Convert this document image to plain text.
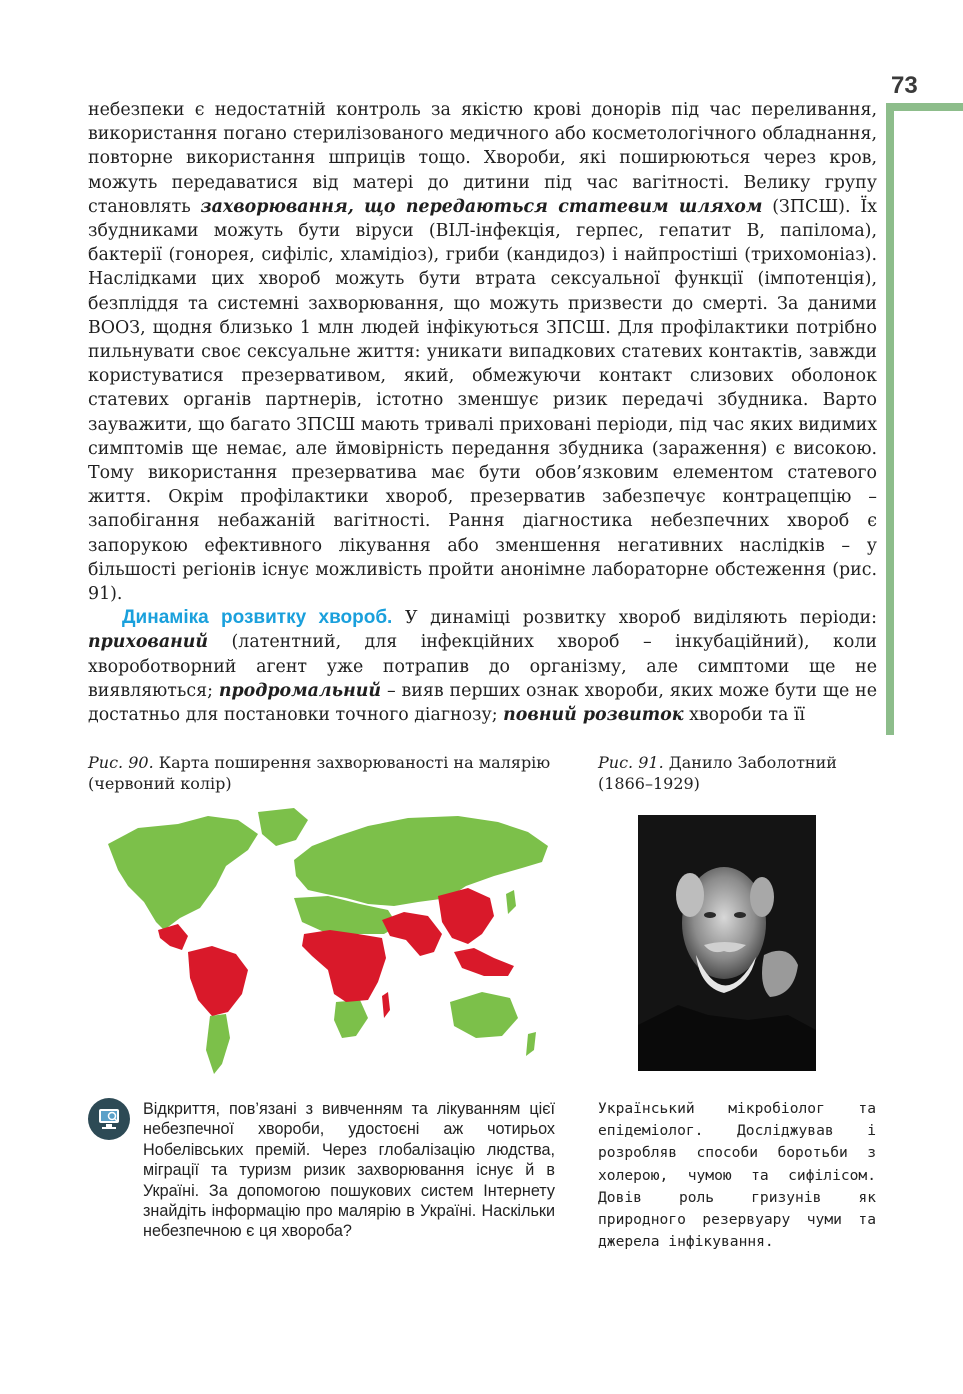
73

небезпеки є недостатній контроль за якістю крові донорів під час переливання, використання погано стерилізованого медичного або косметологічного обладнання, повторне використання шприців тощо. Хвороби, які поширюються через кров, можуть передаватися від матері до дитини під час вагітності. Велику групу становлять захворювання, що передаються статевим шляхом (ЗПСШ). Їх збудниками можуть бути віруси (ВІЛ-інфекція, герпес, гепатит В, папілома), бактерії (гонорея, сифіліс, хламідіоз), гриби (кандидоз) і найпростіші (трихомоніаз). Наслідками цих хвороб можуть бути втрата сексуальної функції (імпотенція), безпліддя та системні захворювання, що можуть призвести до смерті. За даними ВООЗ, щодня близько 1 млн людей інфікуються ЗПСШ. Для профілактики потрібно пильнувати своє сексуальне життя: уникати випадкових статевих контактів, завжди користуватися презервативом, який, обмежуючи контакт слизових оболонок статевих органів партнерів, істотно зменшує ризик передачі збудника. Варто зауважити, що багато ЗПСШ мають тривалі приховані періоди, під час яких видимих симптомів ще немає, але ймовірність передання збудника (зараження) є високою. Тому використання презерватива має бути обов’язковим елементом статевого життя. Окрім профілактики хвороб, презерватив забезпечує контрацепцію – запобігання небажаній вагітності. Рання діагностика небезпечних хвороб є запорукою ефективного лікування або зменшення негативних наслідків – у більшості регіонів існує можливість пройти анонімне лабораторне обстеження (рис. 91).

Динаміка розвитку хвороб. У динаміці розвитку хвороб виділяють періоди: прихований (латентний, для інфекційних хвороб – інкубаційний), коли хвороботворний агент уже потрапив до організму, але симптоми ще не виявляються; продромальний – вияв перших ознак хвороби, яких може бути ще не достатньо для постановки точного діагнозу; повний розвиток хвороби та її

Рис. 90. Карта поширення захворюваності на малярію (червоний колір)
Рис. 91. Данило Заболотний (1866–1929)

Відкриття, пов’язані з вивченням та лікуванням цієї небезпечної хвороби, удостоєні аж чотирьох Нобелівських премій. Через глобалізацію людства, міграції та туризм ризик захворювання існує й в Україні. За допомогою пошукових систем Інтернету знайдіть інформацію про малярію в Україні. Наскільки небезпечною є ця хвороба?

Український мікробіолог та епідеміолог. Досліджував і розробляв способи боротьби з холерою, чумою та сифілісом. Довів роль гризунів як природного резервуару чуми та джерела інфікування.
